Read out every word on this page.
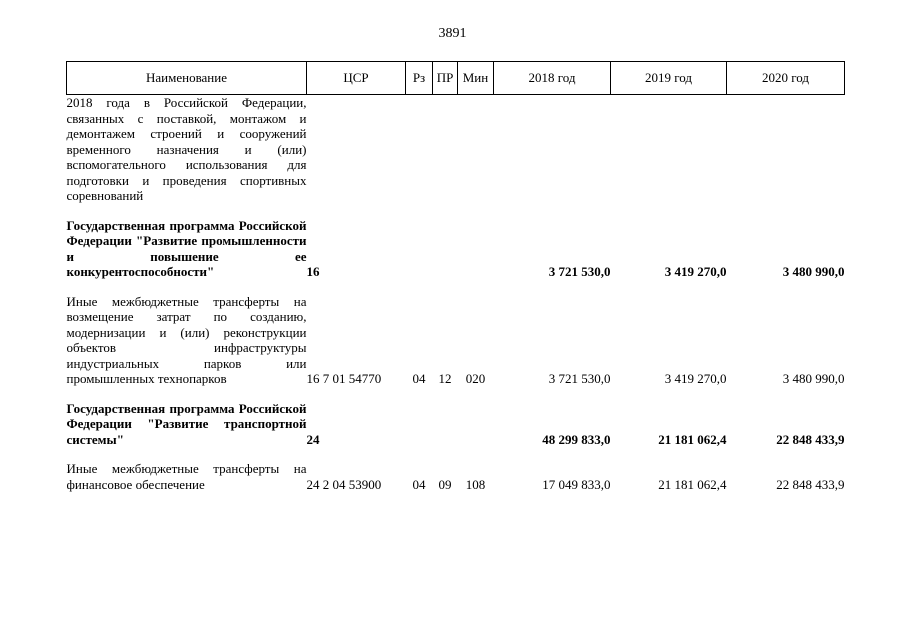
3891
Наименование	ЦСР	Рз	ПР	Мин	2018 год	2019 год	2020 год
2018 года в Российской Федерации, связанных с поставкой, монтажом и демонтажем строений и сооружений временного назначения и (или) вспомогательного использования для подготовки и проведения спортивных соревнований							

Государственная программа Российской Федерации "Развитие промышленности и повышение ее конкурентоспособности"	16				3 721 530,0	3 419 270,0	3 480 990,0

Иные межбюджетные трансферты на возмещение затрат по созданию, модернизации и (или) реконструкции объектов инфраструктуры индустриальных парков или промышленных технопарков	16 7 01 54770	04	12	020	3 721 530,0	3 419 270,0	3 480 990,0

Государственная программа Российской Федерации "Развитие транспортной системы"	24				48 299 833,0	21 181 062,4	22 848 433,9

Иные межбюджетные трансферты на финансовое обеспечение	24 2 04 53900	04	09	108	17 049 833,0	21 181 062,4	22 848 433,9
